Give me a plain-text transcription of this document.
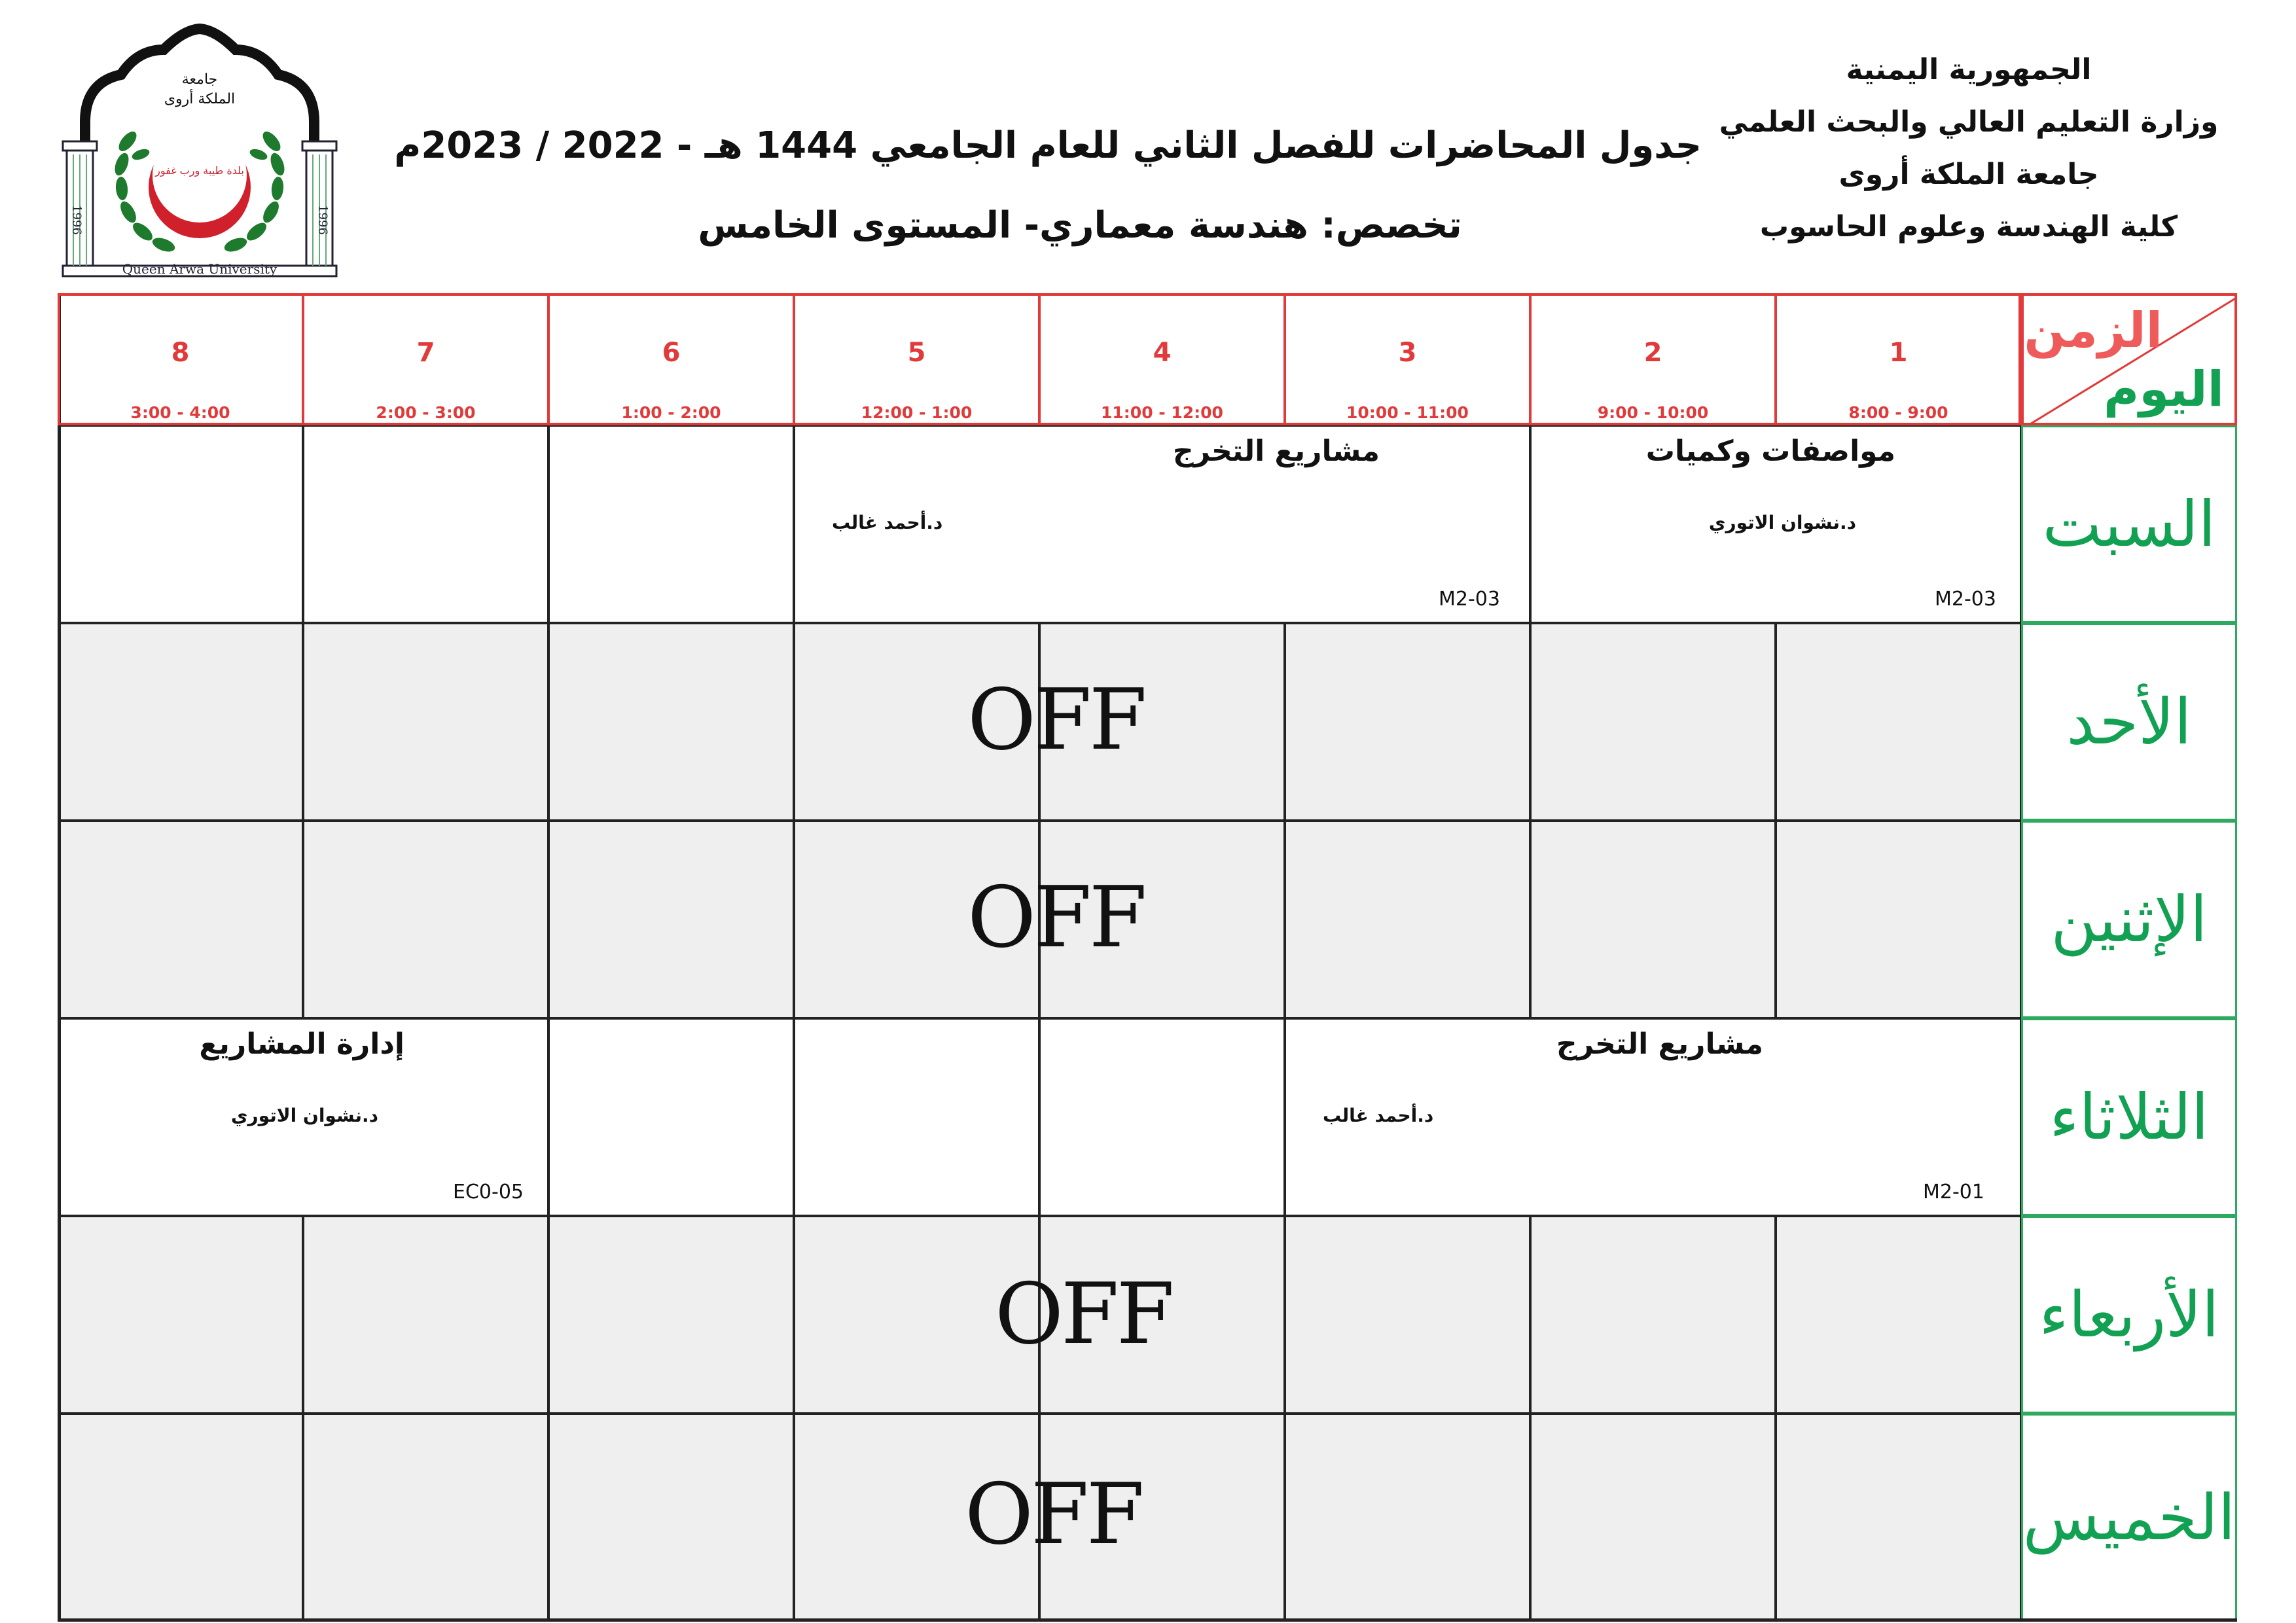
الجمهورية اليمنية
وزارة التعليم العالي والبحث العلمي
جامعة الملكة أروى
كلية الهندسة وعلوم الحاسوب
جدول المحاضرات للفصل الثاني للعام الجامعي 1444 هـ - 2022 / 2023م
تخصص: هندسة معماري- المستوى الخامس
جامعة
الملكة أروى
بلدة طيبة ورب غفور
1996	1996
Queen Arwa University
8
3:00 - 4:00
7
2:00 - 3:00
6
1:00 - 2:00
5
12:00 - 1:00
4
11:00 - 12:00
3
10:00 - 11:00
2
9:00 - 10:00
1
8:00 - 9:00
الزمن
اليوم
السبت
الأحد
الإثنين
الثلاثاء
الأربعاء
الخميس
مشاريع التخرج
د.أحمد غالب
M2-03
مواصفات وكميات
د.نشوان الاتوري
M2-03
OFF
OFF
إدارة المشاريع
د.نشوان الاتوري
EC0-05
مشاريع التخرج
د.أحمد غالب
M2-01
OFF
OFF
